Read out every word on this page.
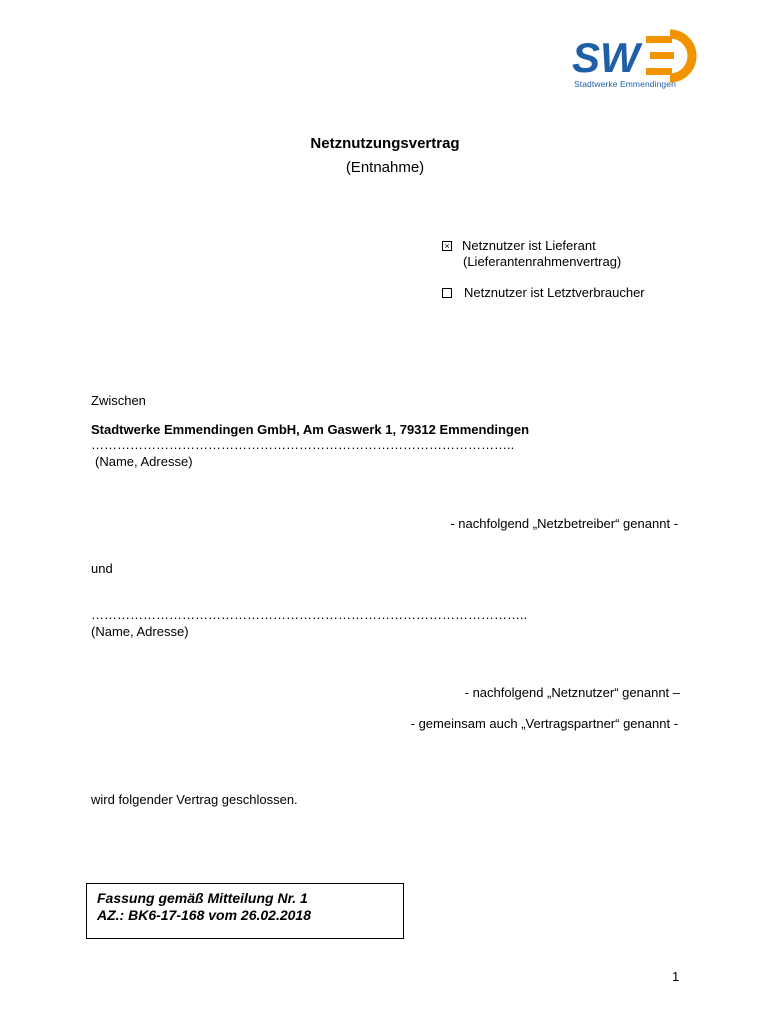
SW
Stadtwerke Emmendingen
Netznutzungsvertrag
(Entnahme)
× Netznutzer ist Lieferant
(Lieferantenrahmenvertrag)
Netznutzer ist Letztverbraucher
Zwischen
Stadtwerke Emmendingen GmbH, Am Gaswerk 1, 79312 Emmendingen
……………………………………………………………………………………..
(Name, Adresse)
- nachfolgend „Netzbetreiber“ genannt -
und
………………………………………………………………………………………..
(Name, Adresse)
- nachfolgend „Netznutzer“ genannt –
- gemeinsam auch „Vertragspartner“ genannt -
wird folgender Vertrag geschlossen.
Fassung gemäß Mitteilung Nr. 1
AZ.: BK6-17-168 vom 26.02.2018
1
